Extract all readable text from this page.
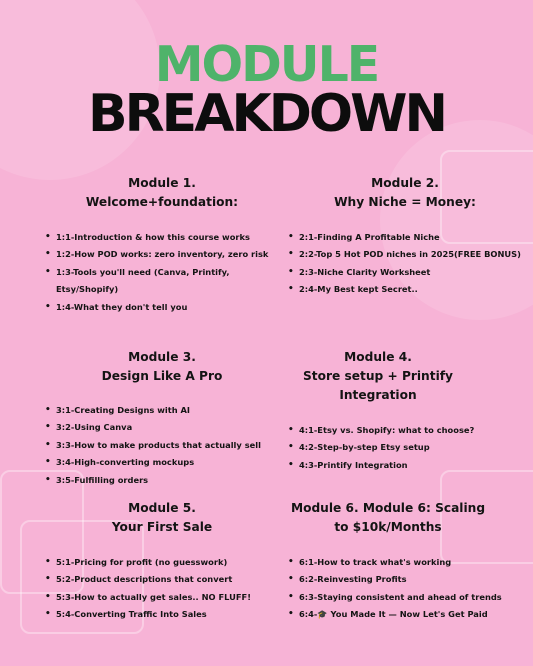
MODULE
BREAKDOWN
Module 1.
Welcome+foundation:
• 1:1-Introduction & how this course works
• 1:2-How POD works: zero inventory, zero risk
• 1:3-Tools you'll need (Canva, Printify,
Etsy/Shopify)
• 1:4-What they don't tell you
Module 2.
Why Niche = Money:
• 2:1-Finding A Profitable Niche
• 2:2-Top 5 Hot POD niches in 2025(FREE BONUS)
• 2:3-Niche Clarity Worksheet
• 2:4-My Best kept Secret..
Module 3.
Design Like A Pro
• 3:1-Creating Designs with AI
• 3:2-Using Canva
• 3:3-How to make products that actually sell
• 3:4-High-converting mockups
• 3:5-Fulfilling orders
Module 4.
Store setup + Printify
Integration
• 4:1-Etsy vs. Shopify: what to choose?
• 4:2-Step-by-step Etsy setup
• 4:3-Printify Integration
Module 5.
Your First Sale
• 5:1-Pricing for profit (no guesswork)
• 5:2-Product descriptions that convert
• 5:3-How to actually get sales.. NO FLUFF!
• 5:4-Converting Traffic Into Sales
Module 6. Module 6: Scaling
to $10k/Months
• 6:1-How to track what's working
• 6:2-Reinvesting Profits
• 6:3-Staying consistent and ahead of trends
• 6:4-🎓 You Made It — Now Let's Get Paid
